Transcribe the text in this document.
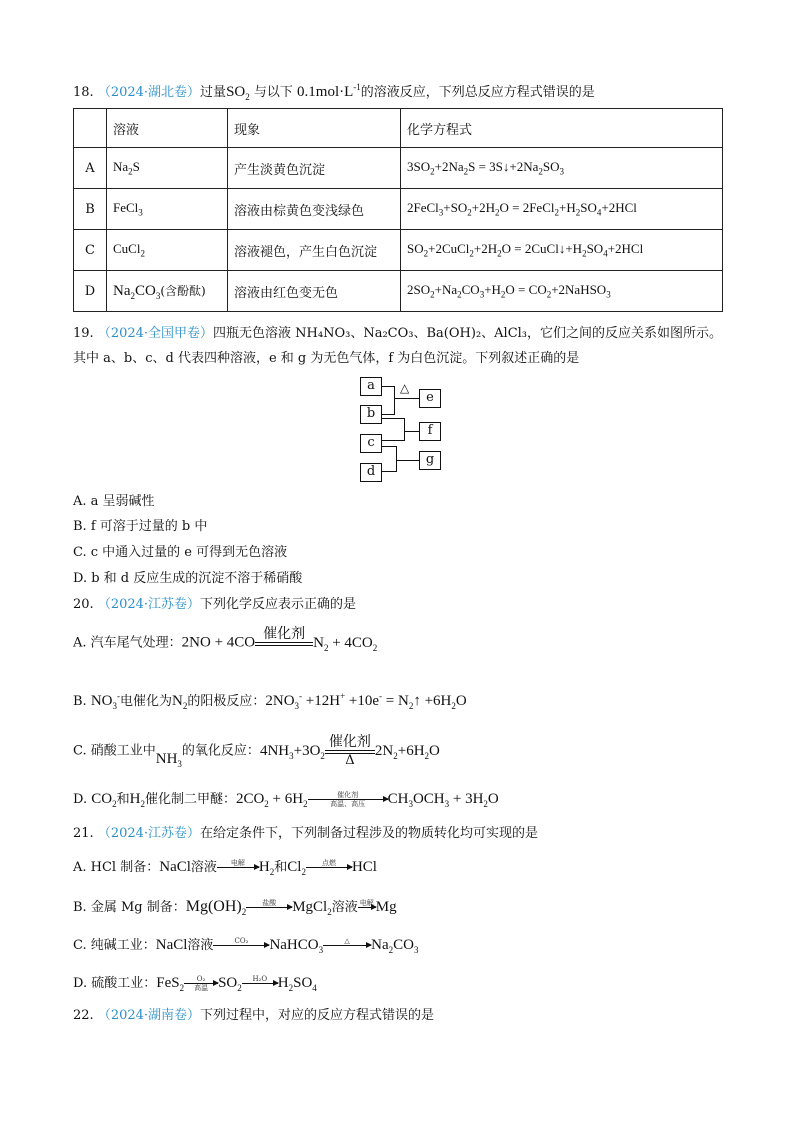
18. （2024·湖北卷）过量$SO_2$ 与以下 $0.1mol\cdot L^{-1}$的溶液反应，下列总反应方程式错误的是
	溶液	现象	化学方程式
A	$Na_2S$	产生淡黄色沉淀	$3SO_2+2Na_2S$ = $3S↓+2Na_2SO_3$
B	FeCl$_3$	溶液由棕黄色变浅绿色	$2FeCl_3+SO_2+2H_2O$ = $2FeCl_2+H_2SO_4+2HCl$
C	CuCl$_2$	溶液褪色，产生白色沉淀	$SO_2+2CuCl_2+2H_2O$ = $2CuCl↓+H_2SO_4+2HCl$
D	$Na_2CO_3$(含酚酞)	溶液由红色变无色	$2SO_2+Na_2CO_3+H_2O$ = $CO_2+2NaHSO_3$
19. （2024·全国甲卷）四瓶无色溶液 NH₄NO₃、Na₂CO₃、Ba(OH)₂、AlCl₃，它们之间的反应关系如图所示。
其中 a、b、c、d 代表四种溶液，e 和 g 为无色气体，f 为白色沉淀。下列叙述正确的是
a
b
c
d
e
f
g
△
A. a 呈弱碱性
B. f 可溶于过量的 b 中
C. c 中通入过量的 e 可得到无色溶液
D. b 和 d 反应生成的沉淀不溶于稀硝酸
20. （2024·江苏卷）下列化学反应表示正确的是
A. 汽车尾气处理：2NO + 4CO
催化剂

$N_2 + 4CO_2$
B. $NO_3^-$电催化为$N_2$的阳极反应：$2NO_3^- +12H^+ +10e^-$ = $N_2↑ +6H_2O$
C. 硝酸工业中$NH_3$的氧化反应：$4NH_3+3O_2$
催化剂
Δ
$2N_2+6H_2O$
D. $CO_2$和$H_2$催化制二甲醚：$2CO_2 + 6H_2$
催化剂
高温、高压	$CH_3OCH_3 + 3H_2O$
21. （2024·江苏卷）在给定条件下，下列制备过程涉及的物质转化均可实现的是
A. HCl 制备：NaCl溶液	电解
$H_2$和$Cl_2$
点燃
	HCl
B. 金属 Mg 制备：$Mg(OH)_2$
盐酸
	MgCl$_2$溶液 电解
Mg
C. 纯碱工业：NaCl溶液	CO₂
	NaHCO$_3$
△
	$Na_2CO_3$
D. 硫酸工业：FeS$_2$
O₂
高温 $SO_2$
H₂O
$H_2SO_4$
22. （2024·湖南卷）下列过程中，对应的反应方程式错误的是
